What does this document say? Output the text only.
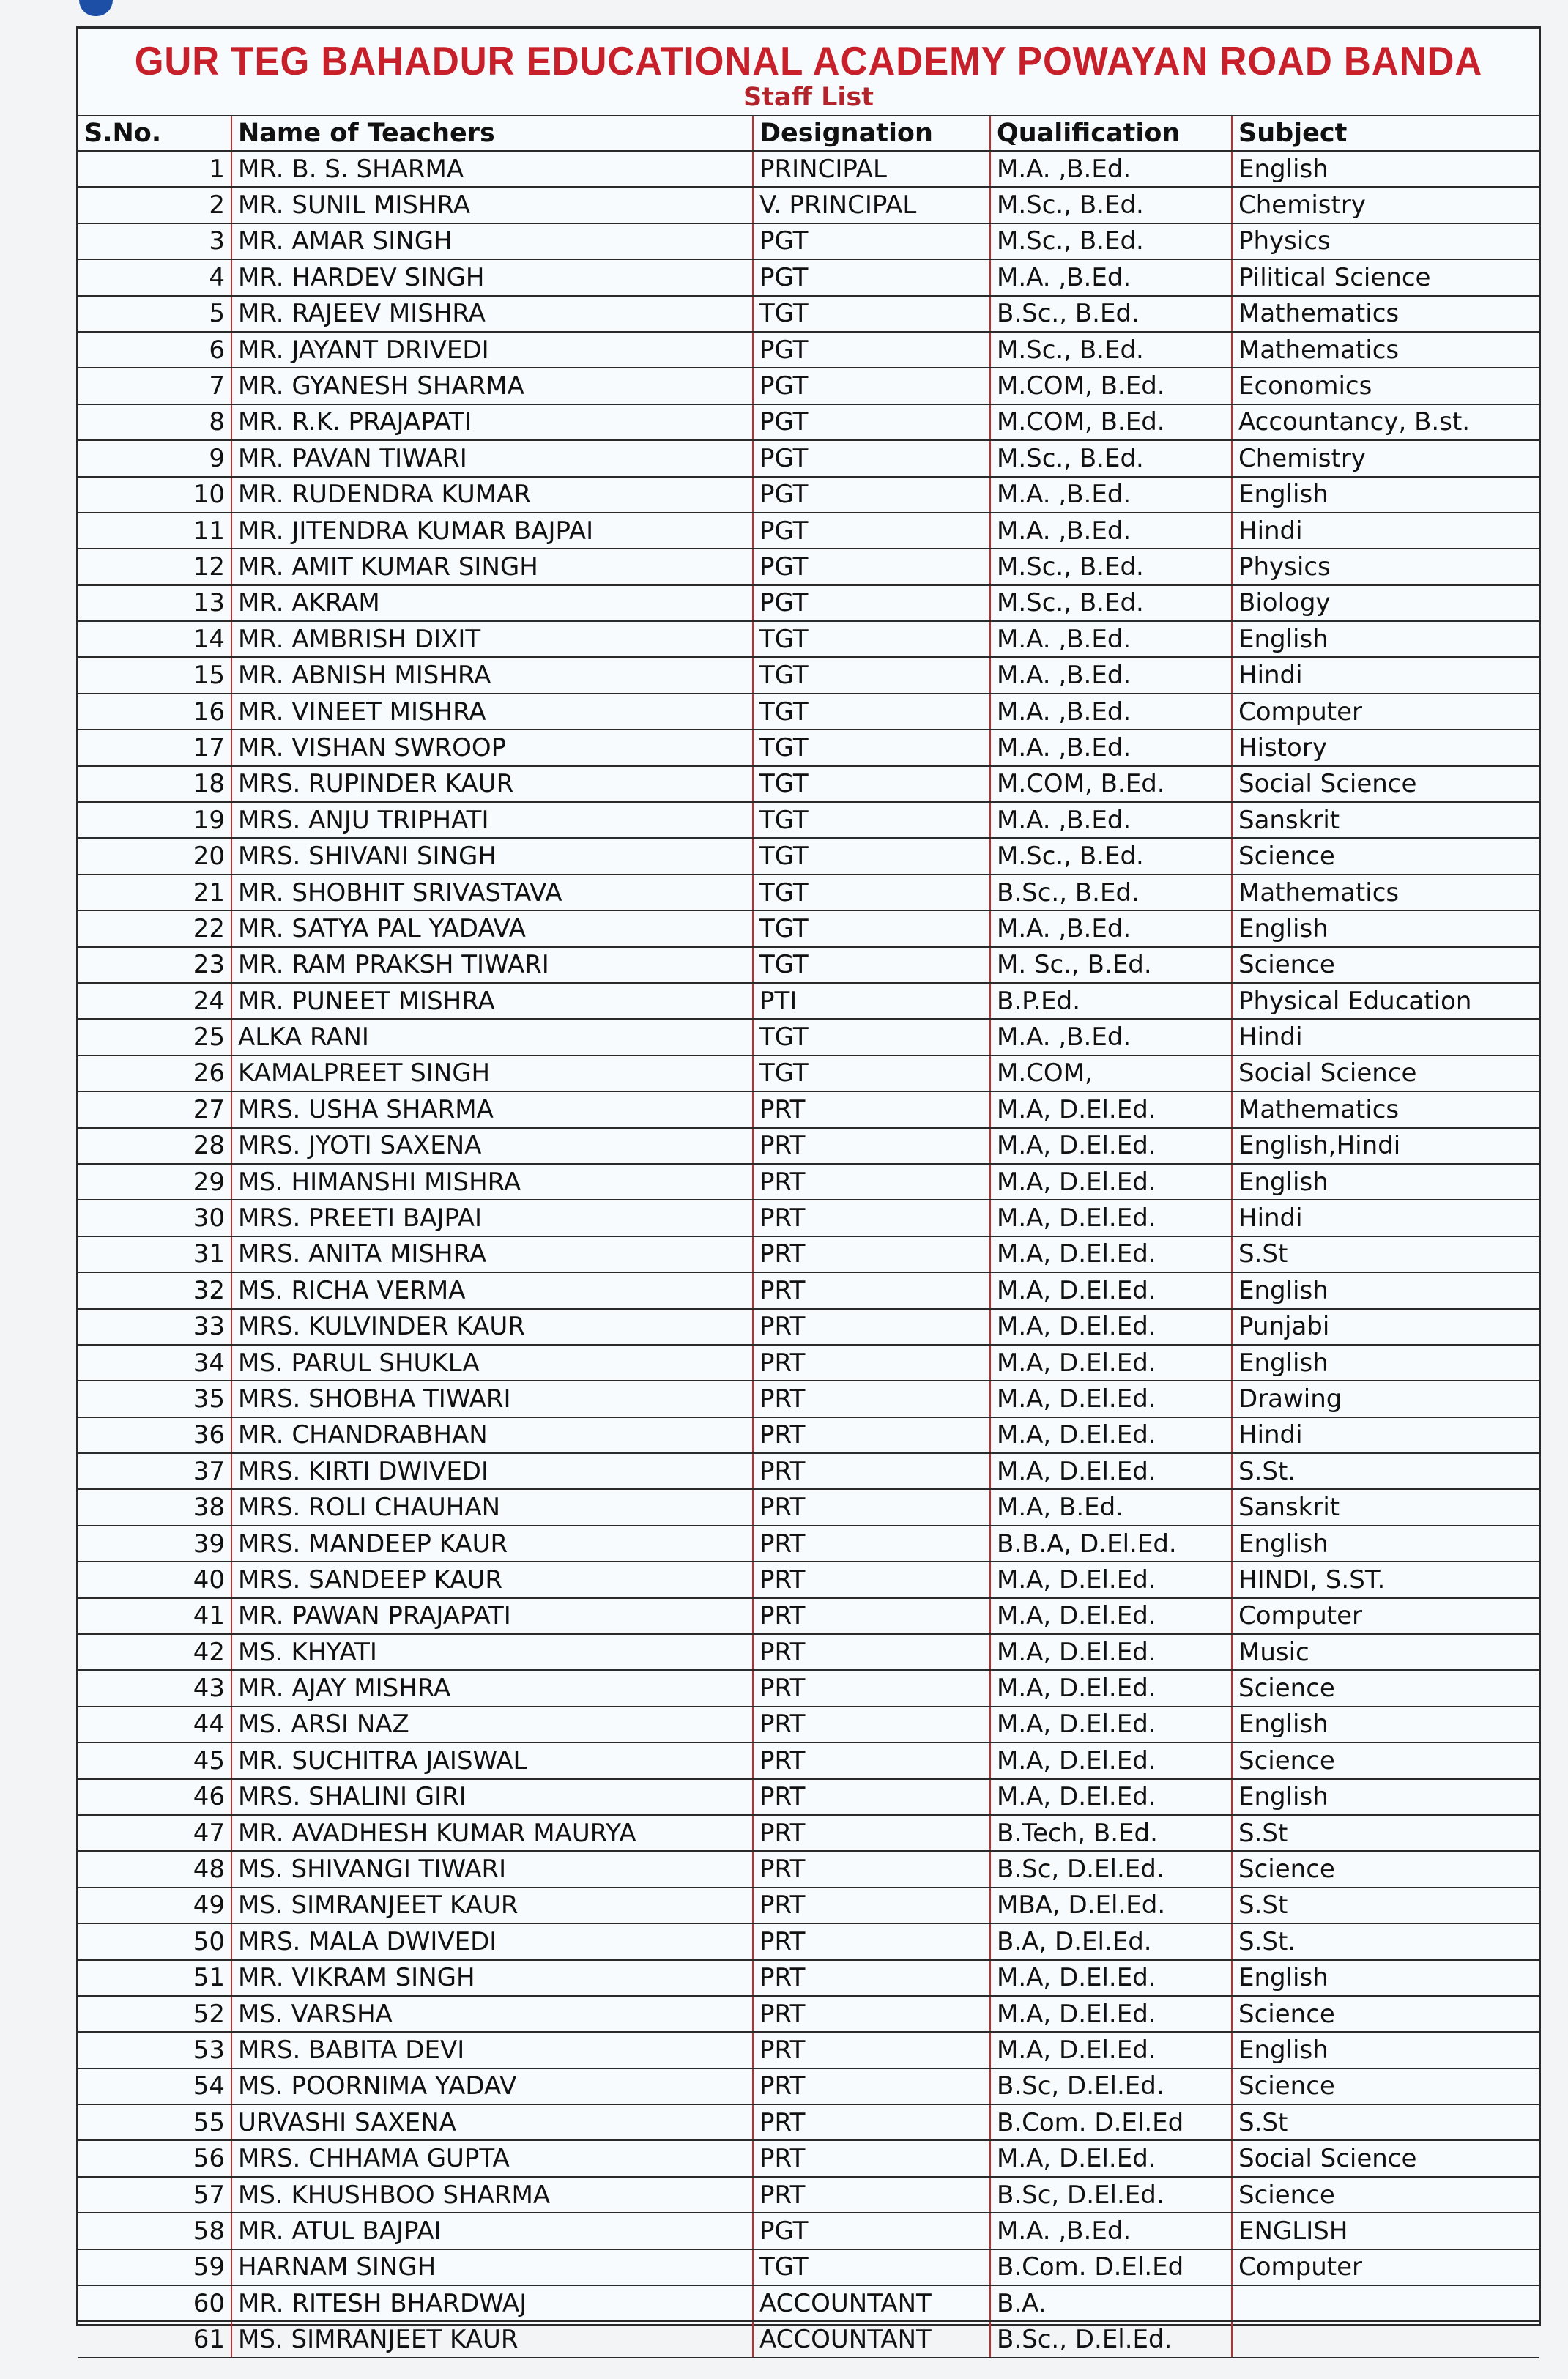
GUR TEG BAHADUR EDUCATIONAL ACADEMY POWAYAN ROAD BANDA
Staff List
S.No.	Name of Teachers	Designation	Qualification	Subject
1 MR. B. S. SHARMA	PRINCIPAL	M.A. ,B.Ed.	English
2 MR. SUNIL MISHRA	V. PRINCIPAL	M.Sc., B.Ed.	Chemistry
3 MR. AMAR SINGH	PGT	M.Sc., B.Ed.	Physics
4 MR. HARDEV SINGH	PGT	M.A. ,B.Ed.	Pilitical Science
5 MR. RAJEEV MISHRA	TGT	B.Sc., B.Ed.	Mathematics
6 MR. JAYANT DRIVEDI	PGT	M.Sc., B.Ed.	Mathematics
7 MR. GYANESH SHARMA	PGT	M.COM, B.Ed.	Economics
8 MR. R.K. PRAJAPATI	PGT	M.COM, B.Ed.	Accountancy, B.st.
9 MR. PAVAN TIWARI	PGT	M.Sc., B.Ed.	Chemistry
10 MR. RUDENDRA KUMAR	PGT	M.A. ,B.Ed.	English
11 MR. JITENDRA KUMAR BAJPAI	PGT	M.A. ,B.Ed.	Hindi
12 MR. AMIT KUMAR SINGH	PGT	M.Sc., B.Ed.	Physics
13 MR. AKRAM	PGT	M.Sc., B.Ed.	Biology
14 MR. AMBRISH DIXIT	TGT	M.A. ,B.Ed.	English
15 MR. ABNISH MISHRA	TGT	M.A. ,B.Ed.	Hindi
16 MR. VINEET MISHRA	TGT	M.A. ,B.Ed.	Computer
17 MR. VISHAN SWROOP	TGT	M.A. ,B.Ed.	History
18 MRS. RUPINDER KAUR	TGT	M.COM, B.Ed.	Social Science
19 MRS. ANJU TRIPHATI	TGT	M.A. ,B.Ed.	Sanskrit
20 MRS. SHIVANI SINGH	TGT	M.Sc., B.Ed.	Science
21 MR. SHOBHIT SRIVASTAVA	TGT	B.Sc., B.Ed.	Mathematics
22 MR. SATYA PAL YADAVA	TGT	M.A. ,B.Ed.	English
23 MR. RAM PRAKSH TIWARI	TGT	M. Sc., B.Ed.	Science
24 MR. PUNEET MISHRA	PTI	B.P.Ed.	Physical Education
25 ALKA RANI	TGT	M.A. ,B.Ed.	Hindi
26 KAMALPREET SINGH	TGT	M.COM,	Social Science
27 MRS. USHA SHARMA	PRT	M.A, D.El.Ed.	Mathematics
28 MRS. JYOTI SAXENA	PRT	M.A, D.El.Ed.	English,Hindi
29 MS. HIMANSHI MISHRA	PRT	M.A, D.El.Ed.	English
30 MRS. PREETI BAJPAI	PRT	M.A, D.El.Ed.	Hindi
31 MRS. ANITA MISHRA	PRT	M.A, D.El.Ed.	S.St
32 MS. RICHA VERMA	PRT	M.A, D.El.Ed.	English
33 MRS. KULVINDER KAUR	PRT	M.A, D.El.Ed.	Punjabi
34 MS. PARUL SHUKLA	PRT	M.A, D.El.Ed.	English
35 MRS. SHOBHA TIWARI	PRT	M.A, D.El.Ed.	Drawing
36 MR. CHANDRABHAN	PRT	M.A, D.El.Ed.	Hindi
37 MRS. KIRTI DWIVEDI	PRT	M.A, D.El.Ed.	S.St.
38 MRS. ROLI CHAUHAN	PRT	M.A, B.Ed.	Sanskrit
39 MRS. MANDEEP KAUR	PRT	B.B.A, D.El.Ed.	English
40 MRS. SANDEEP KAUR	PRT	M.A, D.El.Ed.	HINDI, S.ST.
41 MR. PAWAN PRAJAPATI	PRT	M.A, D.El.Ed.	Computer
42 MS. KHYATI	PRT	M.A, D.El.Ed.	Music
43 MR. AJAY MISHRA	PRT	M.A, D.El.Ed.	Science
44 MS. ARSI NAZ	PRT	M.A, D.El.Ed.	English
45 MR. SUCHITRA JAISWAL	PRT	M.A, D.El.Ed.	Science
46 MRS. SHALINI GIRI	PRT	M.A, D.El.Ed.	English
47 MR. AVADHESH KUMAR MAURYA	PRT	B.Tech, B.Ed.	S.St
48 MS. SHIVANGI TIWARI	PRT	B.Sc, D.El.Ed.	Science
49 MS. SIMRANJEET KAUR	PRT	MBA, D.El.Ed.	S.St
50 MRS. MALA DWIVEDI	PRT	B.A, D.El.Ed.	S.St.
51 MR. VIKRAM SINGH	PRT	M.A, D.El.Ed.	English
52 MS. VARSHA	PRT	M.A, D.El.Ed.	Science
53 MRS. BABITA DEVI	PRT	M.A, D.El.Ed.	English
54 MS. POORNIMA YADAV	PRT	B.Sc, D.El.Ed.	Science
55 URVASHI SAXENA	PRT	B.Com. D.El.Ed	S.St
56 MRS. CHHAMA GUPTA	PRT	M.A, D.El.Ed.	Social Science
57 MS. KHUSHBOO SHARMA	PRT	B.Sc, D.El.Ed.	Science
58 MR. ATUL BAJPAI	PGT	M.A. ,B.Ed.	ENGLISH
59 HARNAM SINGH	TGT	B.Com. D.El.Ed	Computer
60 MR. RITESH BHARDWAJ	ACCOUNTANT	B.A.
61 MS. SIMRANJEET KAUR	ACCOUNTANT	B.Sc., D.El.Ed.
